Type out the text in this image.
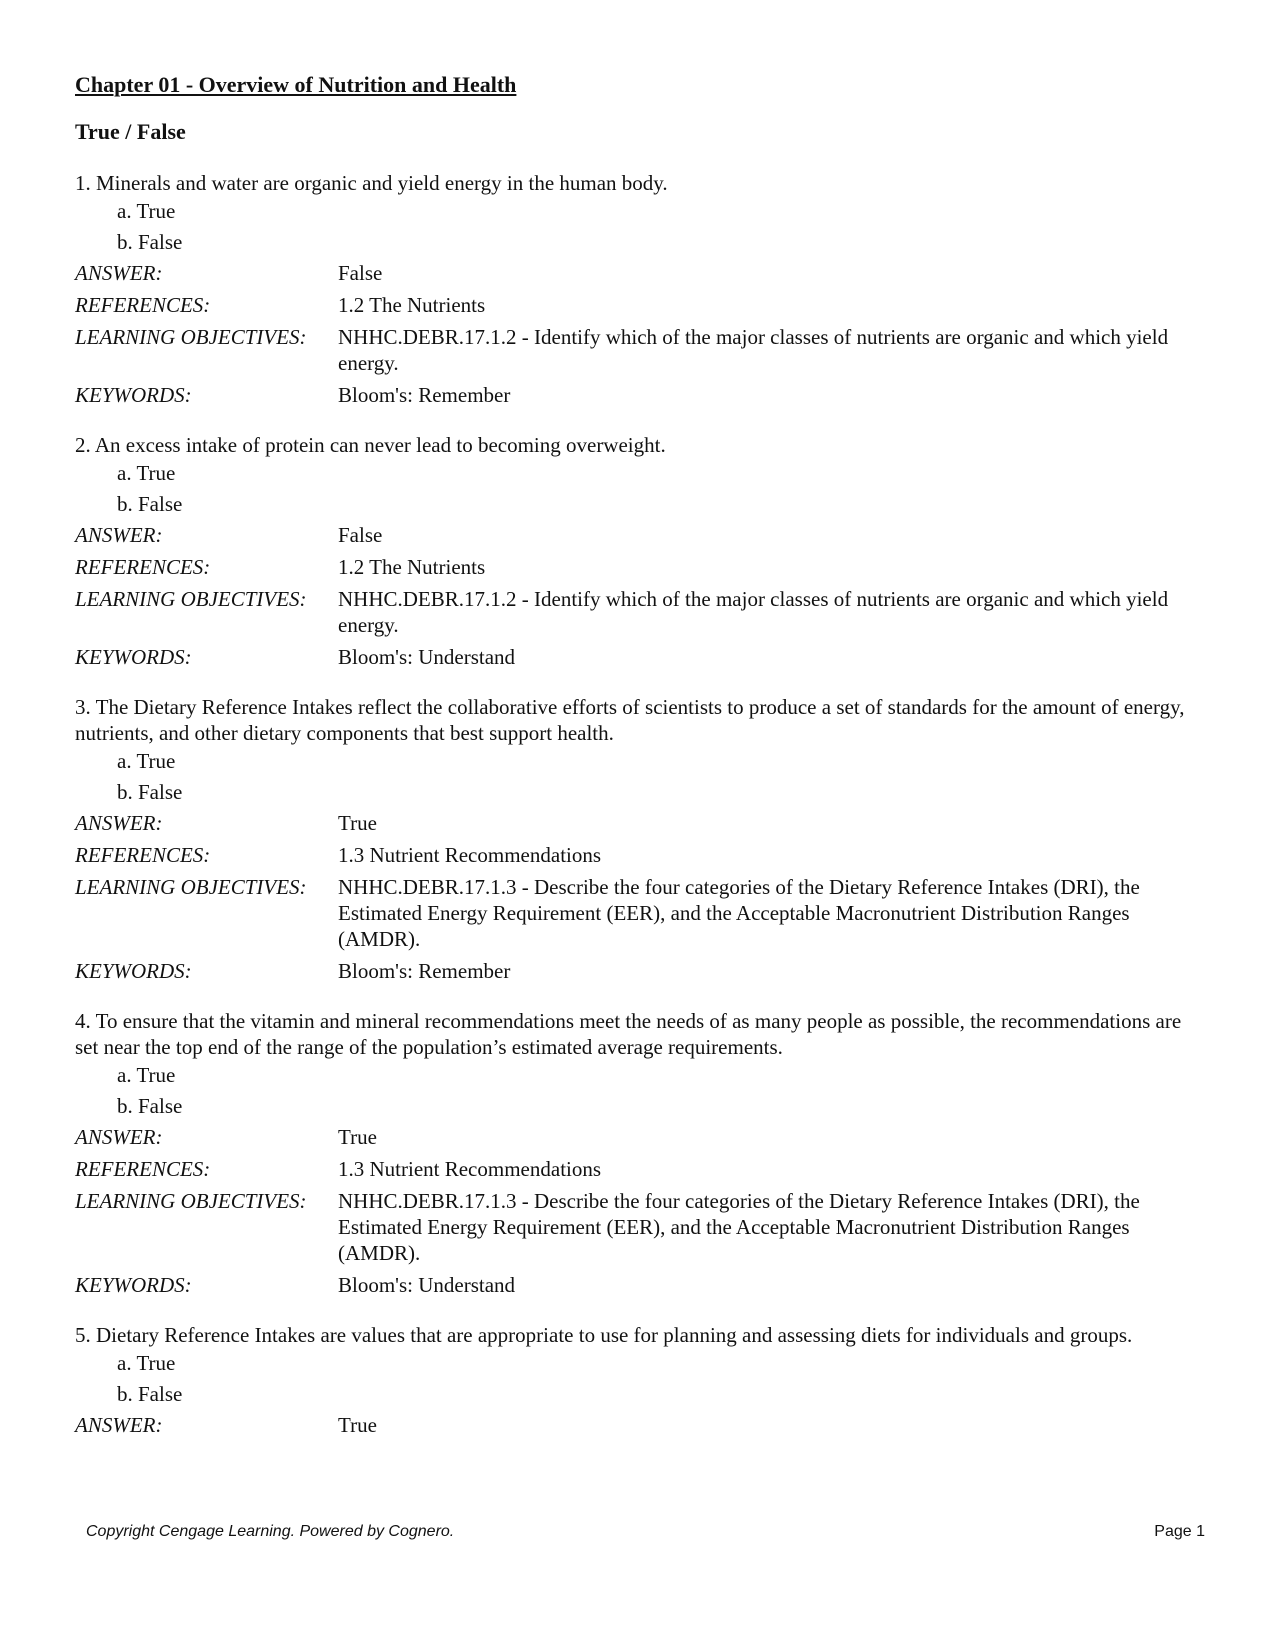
Chapter 01 - Overview of Nutrition and Health
True / False
1. Minerals and water are organic and yield energy in the human body.
a. True
b. False
ANSWER:	False
REFERENCES:	1.2 The Nutrients
LEARNING OBJECTIVES:	NHHC.DEBR.17.1.2 - Identify which of the major classes of nutrients are organic and which yield energy.
KEYWORDS:	Bloom's: Remember
2. An excess intake of protein can never lead to becoming overweight.
a. True
b. False
ANSWER:	False
REFERENCES:	1.2 The Nutrients
LEARNING OBJECTIVES:	NHHC.DEBR.17.1.2 - Identify which of the major classes of nutrients are organic and which yield energy.
KEYWORDS:	Bloom's: Understand
3. The Dietary Reference Intakes reflect the collaborative efforts of scientists to produce a set of standards for the amount of energy, nutrients, and other dietary components that best support health.
a. True
b. False
ANSWER:	True
REFERENCES:	1.3 Nutrient Recommendations
LEARNING OBJECTIVES:	NHHC.DEBR.17.1.3 - Describe the four categories of the Dietary Reference Intakes (DRI), the Estimated Energy Requirement (EER), and the Acceptable Macronutrient Distribution Ranges (AMDR).
KEYWORDS:	Bloom's: Remember
4. To ensure that the vitamin and mineral recommendations meet the needs of as many people as possible, the recommendations are set near the top end of the range of the population’s estimated average requirements.
a. True
b. False
ANSWER:	True
REFERENCES:	1.3 Nutrient Recommendations
LEARNING OBJECTIVES:	NHHC.DEBR.17.1.3 - Describe the four categories of the Dietary Reference Intakes (DRI), the Estimated Energy Requirement (EER), and the Acceptable Macronutrient Distribution Ranges (AMDR).
KEYWORDS:	Bloom's: Understand
5. Dietary Reference Intakes are values that are appropriate to use for planning and assessing diets for individuals and groups.
a. True
b. False
ANSWER:	True
Copyright Cengage Learning. Powered by Cognero.	Page 1
